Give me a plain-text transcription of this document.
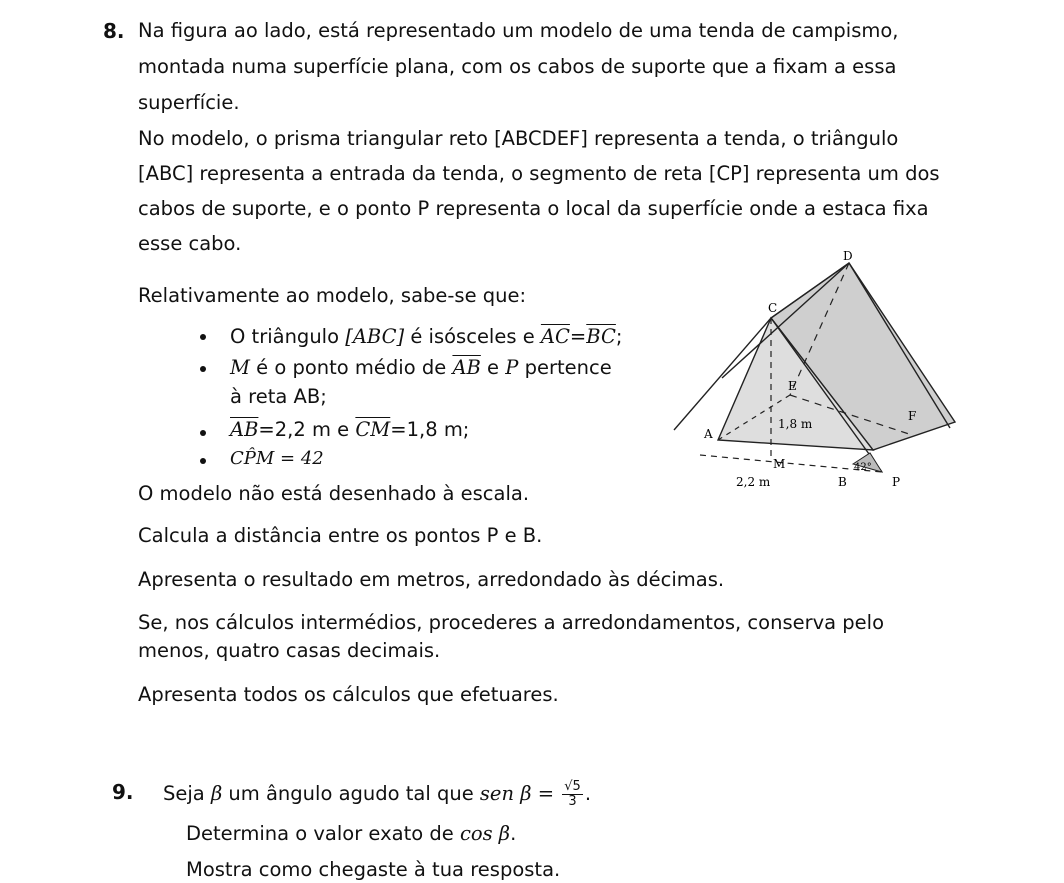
8. Na figura ao lado, está representado um modelo de uma tenda de campismo,
montada numa superfície plana, com os cabos de suporte que a fixam a essa
superfície.
No modelo, o prisma triangular reto [ABCDEF] representa a tenda, o triângulo
[ABC] representa a entrada da tenda, o segmento de reta [CP] representa um dos
cabos de suporte, e o ponto P representa o local da superfície onde a estaca fixa
esse cabo.
Relativamente ao modelo, sabe-se que:
O triângulo [ABC] é isósceles e $\overline{AC}=\overline{BC}$;
M é o ponto médio de $\overline{AB}$ e P pertence
à reta AB;
$\overline{AB}=2,2$ m e $\overline{CM}=1,8$ m;
CP̂M = 42
O modelo não está desenhado à escala.
Calcula a distância entre os pontos P e B.
Apresenta o resultado em metros, arredondado às décimas.
Se, nos cálculos intermédios, procederes a arredondamentos, conserva pelo
menos, quatro casas decimais.
Apresenta todos os cálculos que efetuares.
D
C
E
F
A
B	P
M
1,8 m
2,2 m
42°
9. Seja β um ângulo agudo tal que sen $\beta = \frac{√5}{3}$ .
Determina o valor exato de cos β.
Mostra como chegaste à tua resposta.
